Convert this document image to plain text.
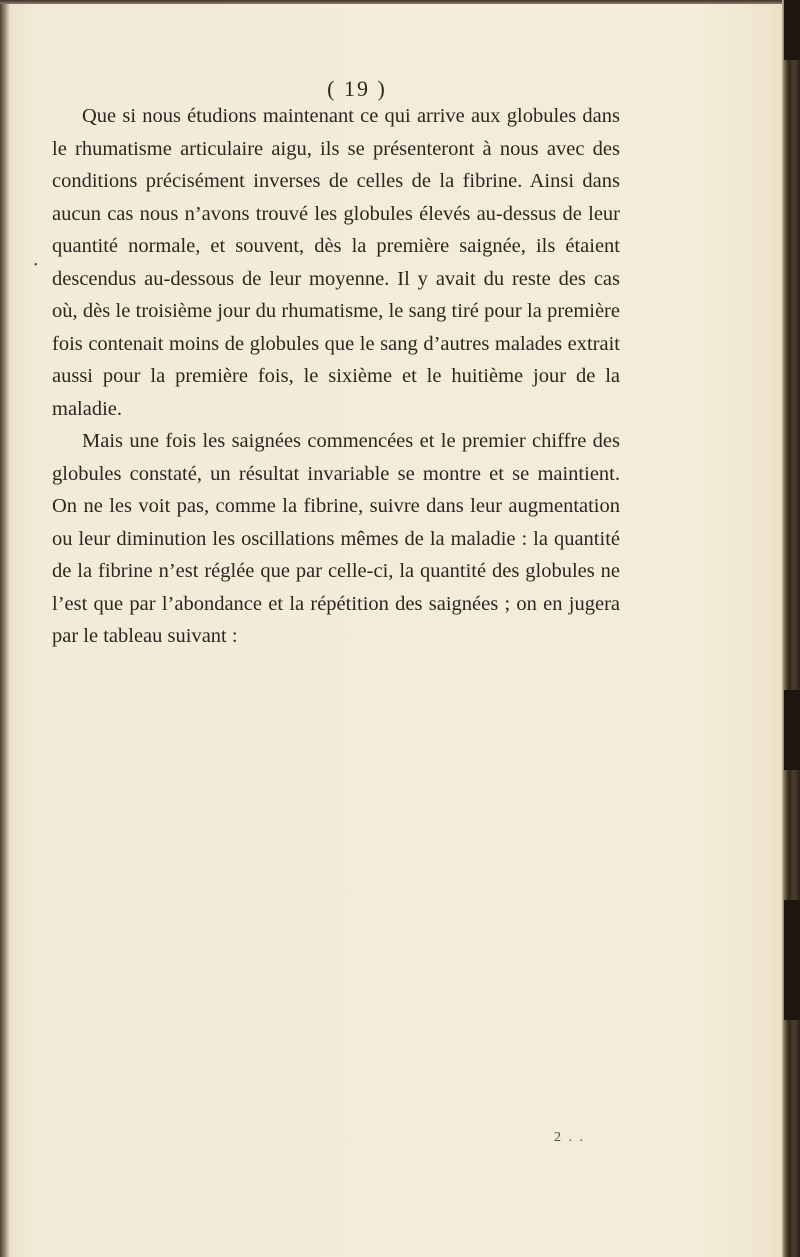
( 19 )
•

Que si nous étudions maintenant ce qui arrive aux globules dans le rhumatisme articulaire aigu, ils se présenteront à nous avec des conditions précisément inverses de celles de la fibrine. Ainsi dans aucun cas nous n’avons trouvé les globules élevés au-dessus de leur quantité normale, et souvent, dès la première saignée, ils étaient descendus au-dessous de leur moyenne. Il y avait du reste des cas où, dès le troisième jour du rhumatisme, le sang tiré pour la première fois contenait moins de globules que le sang d’autres malades extrait aussi pour la première fois, le sixième et le huitième jour de la maladie.

Mais une fois les saignées commencées et le premier chiffre des globules constaté, un résultat invariable se montre et se maintient. On ne les voit pas, comme la fibrine, suivre dans leur augmentation ou leur diminution les oscillations mêmes de la maladie : la quantité de la fibrine n’est réglée que par celle-ci, la quantité des globules ne l’est que par l’abondance et la répétition des saignées ; on en jugera par le tableau suivant :

2 . .
